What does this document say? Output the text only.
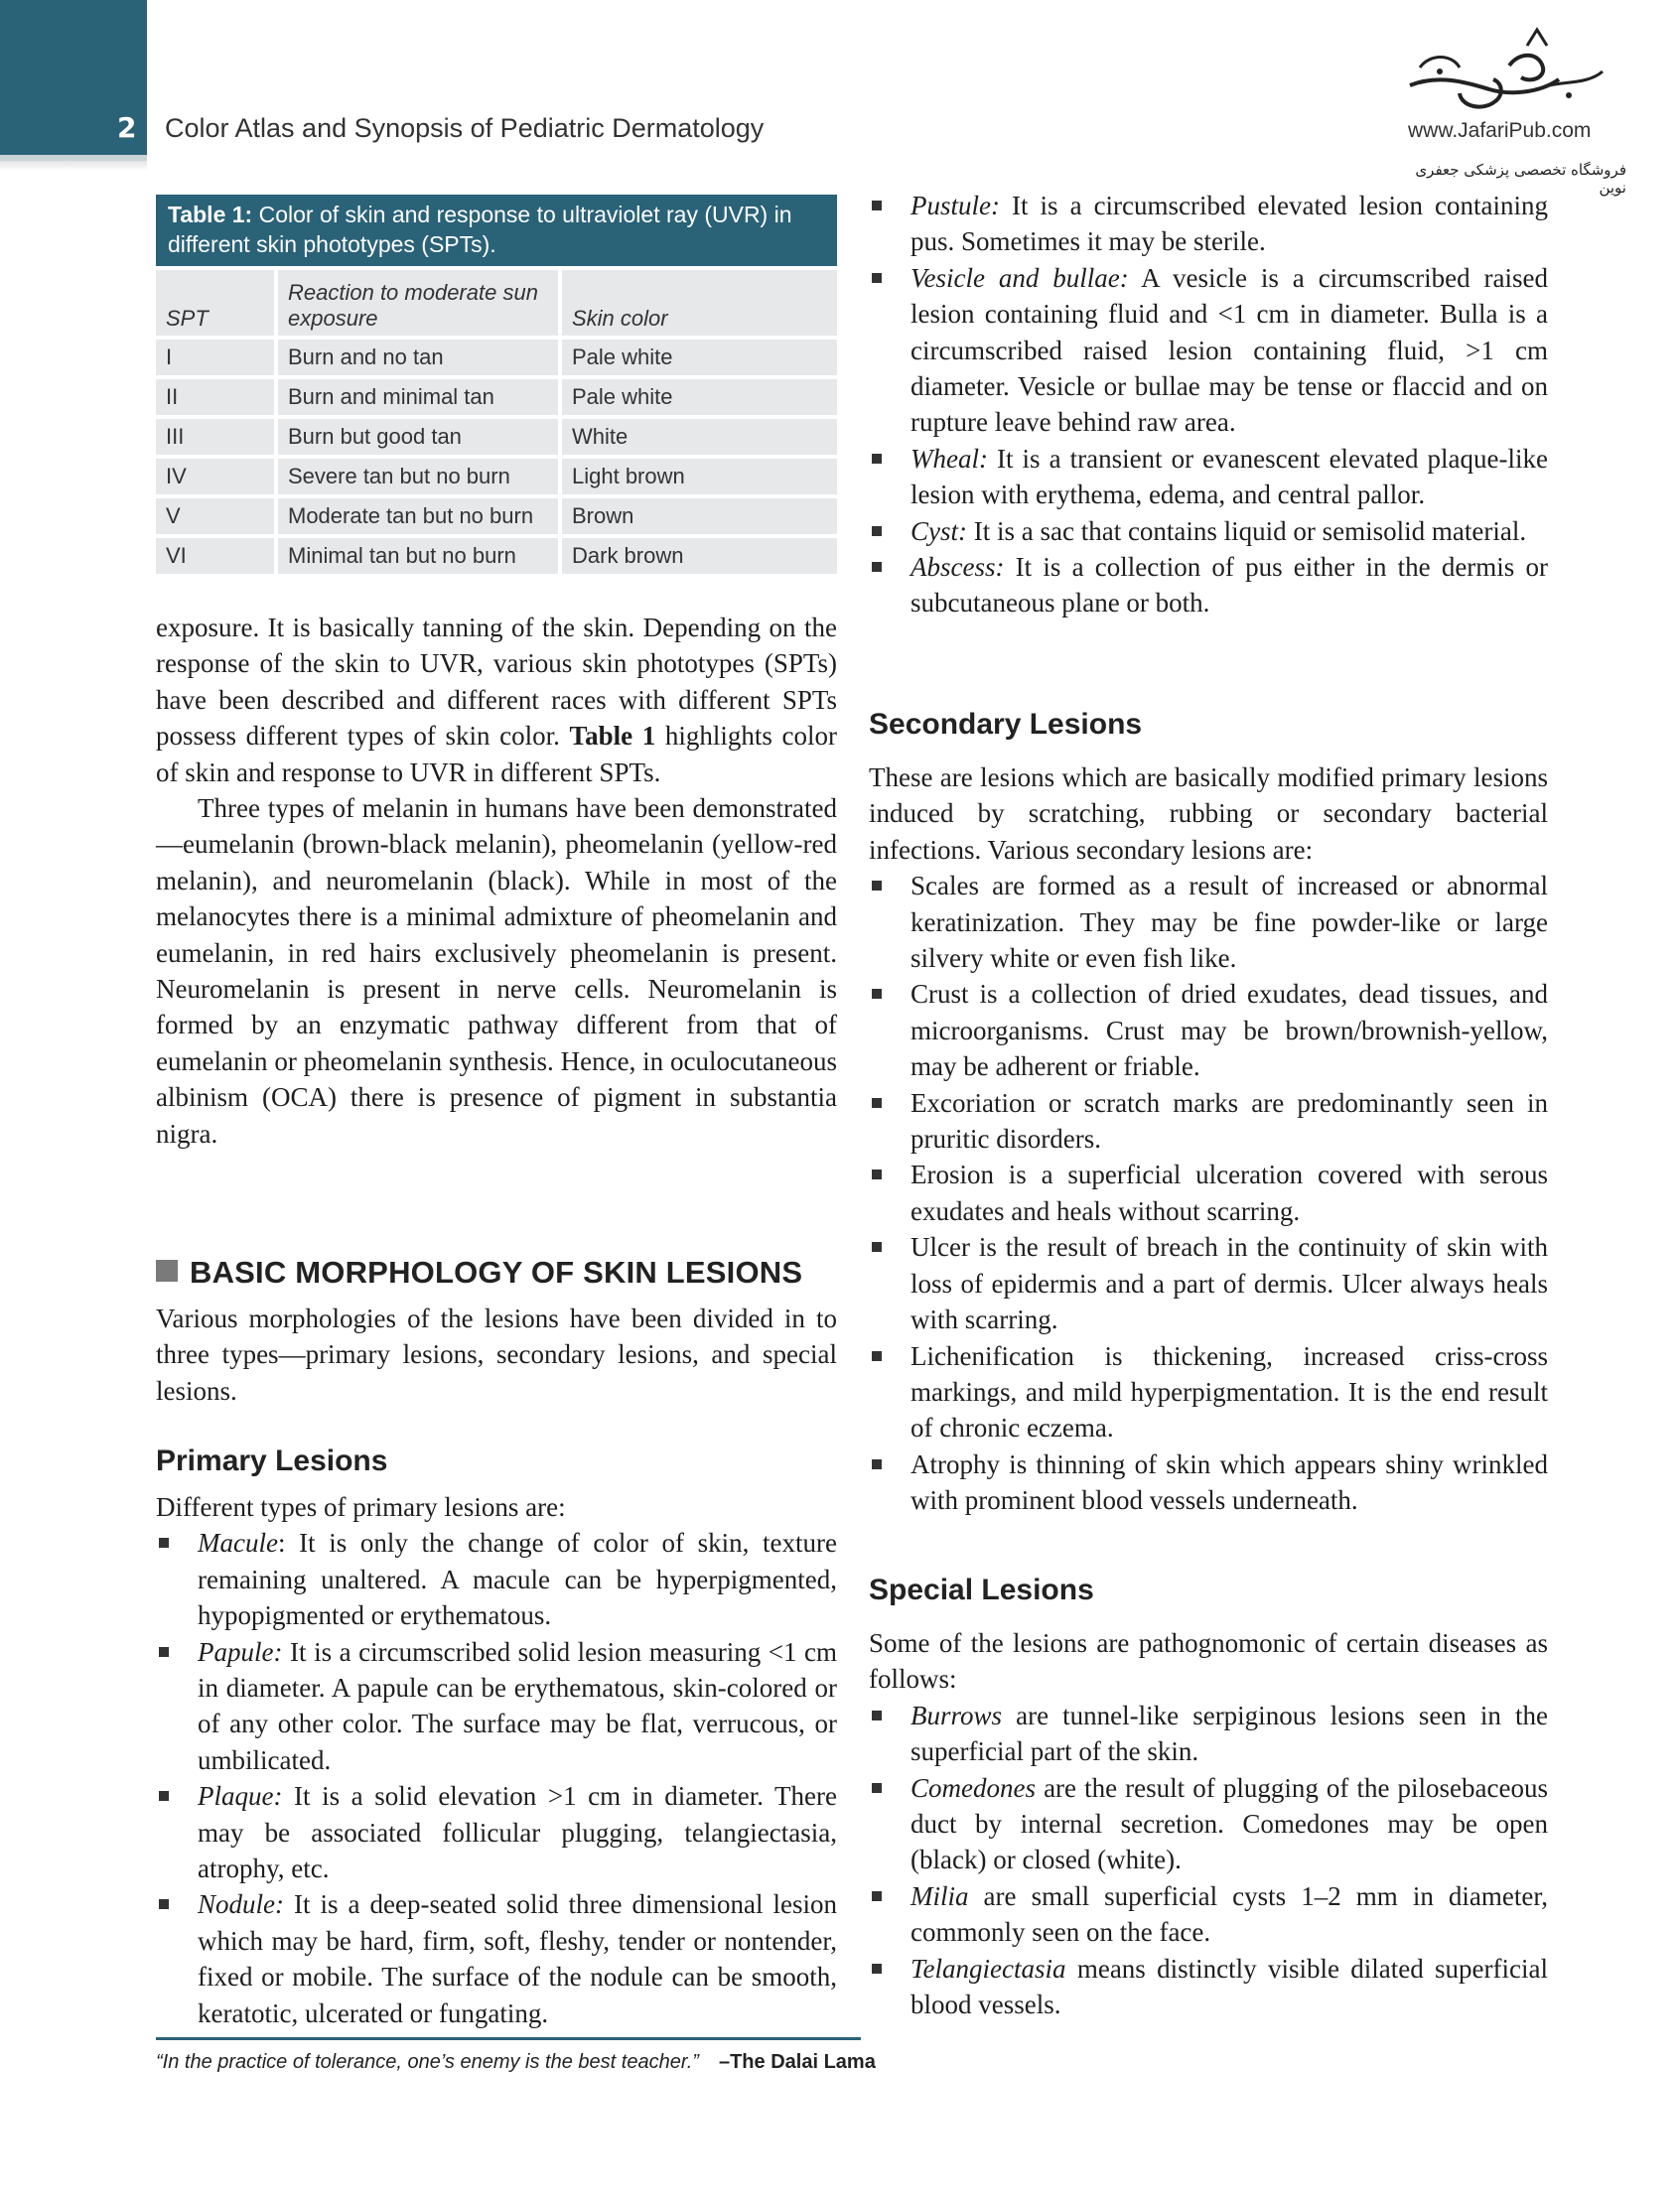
2 Color Atlas and Synopsis of Pediatric Dermatology	www.JafariPub.com
فروشگاه تخصصی پزشکی جعفری نوین
Table 1: Color of skin and response to ultraviolet ray (UVR) in different skin phototypes (SPTs).
SPT	Reaction to moderate sun exposure	Skin color
I	Burn and no tan	Pale white
II	Burn and minimal tan	Pale white
III	Burn but good tan	White
IV	Severe tan but no burn	Light brown
V	Moderate tan but no burn	Brown
VI	Minimal tan but no burn	Dark brown

exposure. It is basically tanning of the skin. Depending on the response of the skin to UVR, various skin phototypes (SPTs) have been described and different races with different SPTs possess different types of skin color. Table 1 highlights color of skin and response to UVR in different SPTs.

Three types of melanin in humans have been demonstrated—eumelanin (brown-black melanin), pheomelanin (yellow-red melanin), and neuromelanin (black). While in most of the melanocytes there is a minimal admixture of pheomelanin and eumelanin, in red hairs exclusively pheomelanin is present. Neuromelanin is present in nerve cells. Neuromelanin is formed by an enzymatic pathway different from that of eumelanin or pheomelanin synthesis. Hence, in oculocutaneous albinism (OCA) there is presence of pigment in substantia nigra.

BASIC MORPHOLOGY OF SKIN LESIONS
Various morphologies of the lesions have been divided in to three types—primary lesions, secondary lesions, and special lesions.
Primary Lesions

Different types of primary lesions are:

Macule: It is only the change of color of skin, texture remaining unaltered. A macule can be hyperpigmented, hypopigmented or erythematous.
Papule: It is a circumscribed solid lesion measuring <1 cm in diameter. A papule can be erythematous, skin-colored or of any other color. The surface may be flat, verrucous, or umbilicated.
Plaque: It is a solid elevation >1 cm in diameter. There may be associated follicular plugging, telangiectasia, atrophy, etc.
Nodule: It is a deep-seated solid three dimensional lesion which may be hard, firm, soft, fleshy, tender or nontender, fixed or mobile. The surface of the nodule can be smooth, keratotic, ulcerated or fungating.
Pustule: It is a circumscribed elevated lesion containing pus. Sometimes it may be sterile.
Vesicle and bullae: A vesicle is a circumscribed raised lesion containing fluid and <1 cm in diameter. Bulla is a circumscribed raised lesion containing fluid, >1 cm diameter. Vesicle or bullae may be tense or flaccid and on rupture leave behind raw area.
Wheal: It is a transient or evanescent elevated plaque-like lesion with erythema, edema, and central pallor.
Cyst: It is a sac that contains liquid or semisolid material.
Abscess: It is a collection of pus either in the dermis or subcutaneous plane or both.
Secondary Lesions

These are lesions which are basically modified primary lesions induced by scratching, rubbing or secondary bacterial infections. Various secondary lesions are:

Scales are formed as a result of increased or abnormal keratinization. They may be fine powder-like or large silvery white or even fish like.
Crust is a collection of dried exudates, dead tissues, and microorganisms. Crust may be brown/brownish-yellow, may be adherent or friable.
Excoriation or scratch marks are predominantly seen in pruritic disorders.
Erosion is a superficial ulceration covered with serous exudates and heals without scarring.
Ulcer is the result of breach in the continuity of skin with loss of epidermis and a part of dermis. Ulcer always heals with scarring.
Lichenification is thickening, increased criss-cross markings, and mild hyperpigmentation. It is the end result of chronic eczema.
Atrophy is thinning of skin which appears shiny wrinkled with prominent blood vessels underneath.
Special Lesions

Some of the lesions are pathognomonic of certain diseases as follows:

Burrows are tunnel-like serpiginous lesions seen in the superficial part of the skin.
Comedones are the result of plugging of the pilosebaceous duct by internal secretion. Comedones may be open (black) or closed (white).
Milia are small superficial cysts 1–2 mm in diameter, commonly seen on the face.
Telangiectasia means distinctly visible dilated superficial blood vessels.
“In the practice of tolerance, one’s enemy is the best teacher.” –The Dalai Lama
